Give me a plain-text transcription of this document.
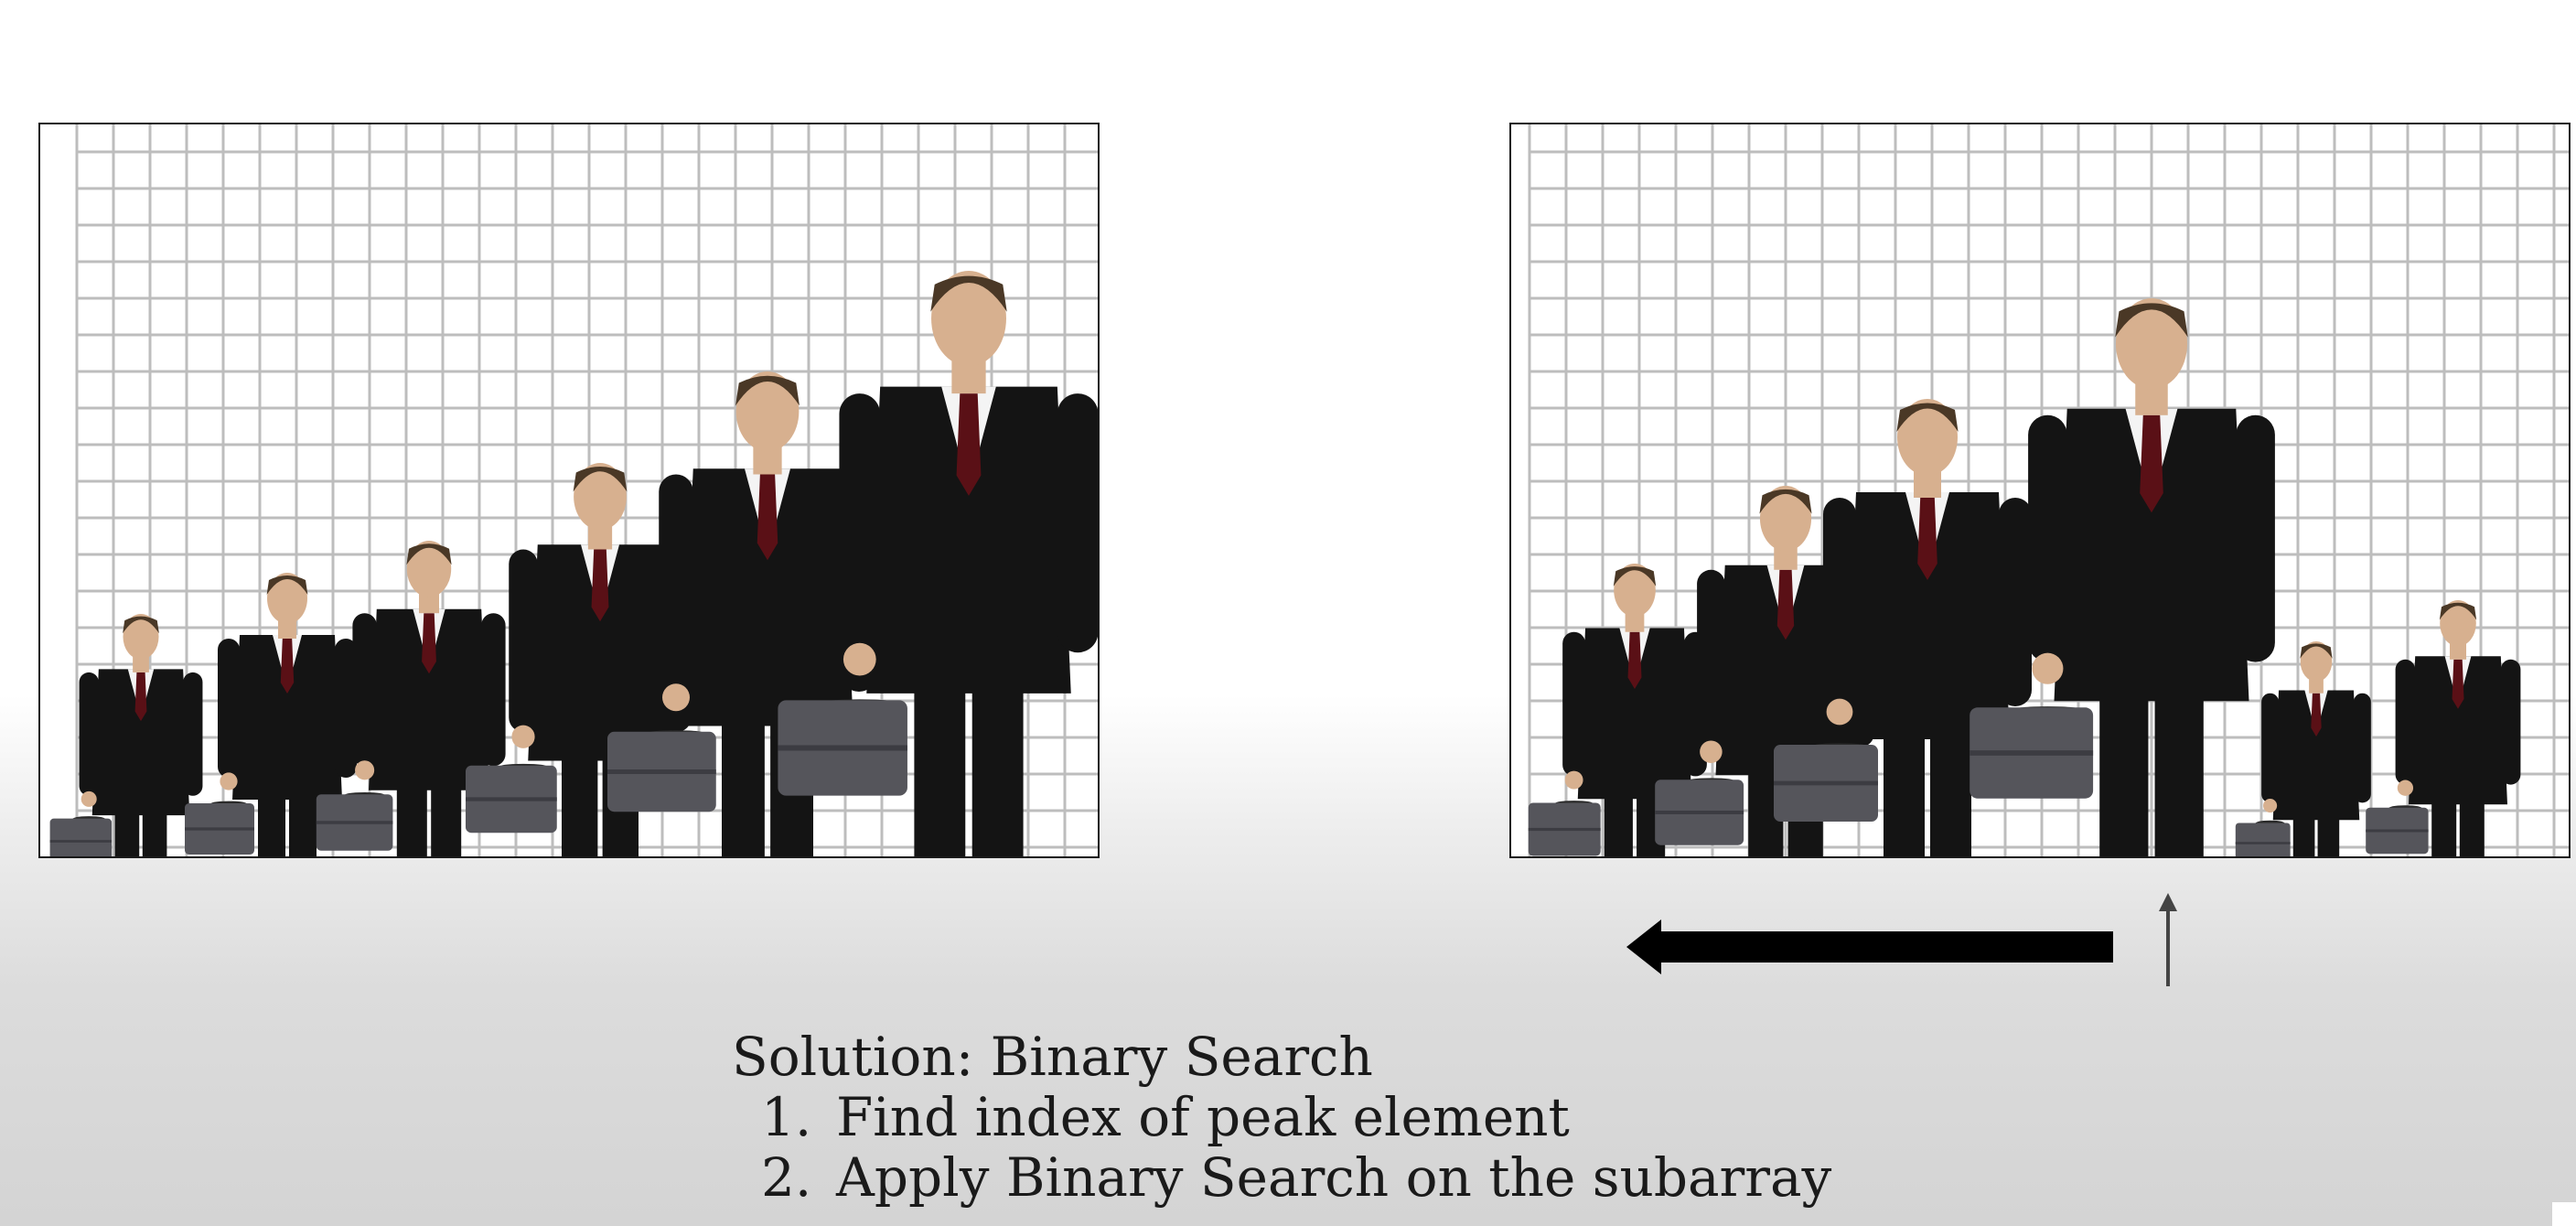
Solution: Binary Search

1. Find index of peak element
2. Apply Binary Search on the subarray
